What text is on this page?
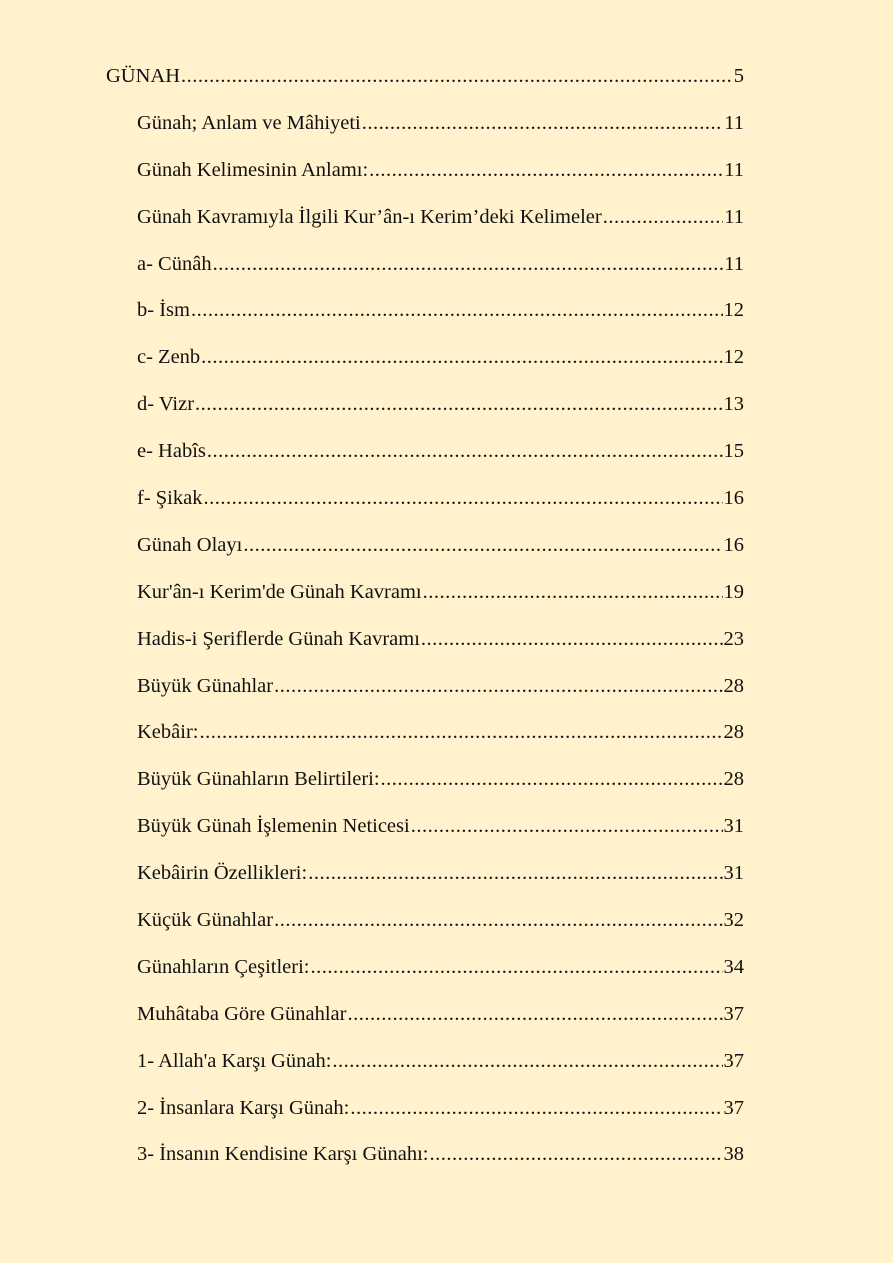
GÜNAH .....	5
Günah; Anlam ve Mâhiyeti .....	11
Günah Kelimesinin Anlamı: .....	11
Günah Kavramıyla İlgili Kur’ân-ı Kerim’deki Kelimeler .....	11
a- Cünâh .....	11
b- İsm .....	12
c- Zenb .....	12
d- Vizr .....	13
e- Habîs .....	15
f- Şikak .....	16
Günah Olayı .....	16
Kur'ân-ı Kerim'de Günah Kavramı .....	19
Hadis-i Şeriflerde Günah Kavramı .....	23
Büyük Günahlar .....	28
Kebâir: .....	28
Büyük Günahların Belirtileri: .....	28
Büyük Günah İşlemenin Neticesi .....	31
Kebâirin Özellikleri: .....	31
Küçük Günahlar .....	32
Günahların Çeşitleri: .....	34
Muhâtaba Göre Günahlar .....	37
1- Allah'a Karşı Günah: .....	37
2- İnsanlara Karşı Günah: .....	37
3- İnsanın Kendisine Karşı Günahı: .....	38
